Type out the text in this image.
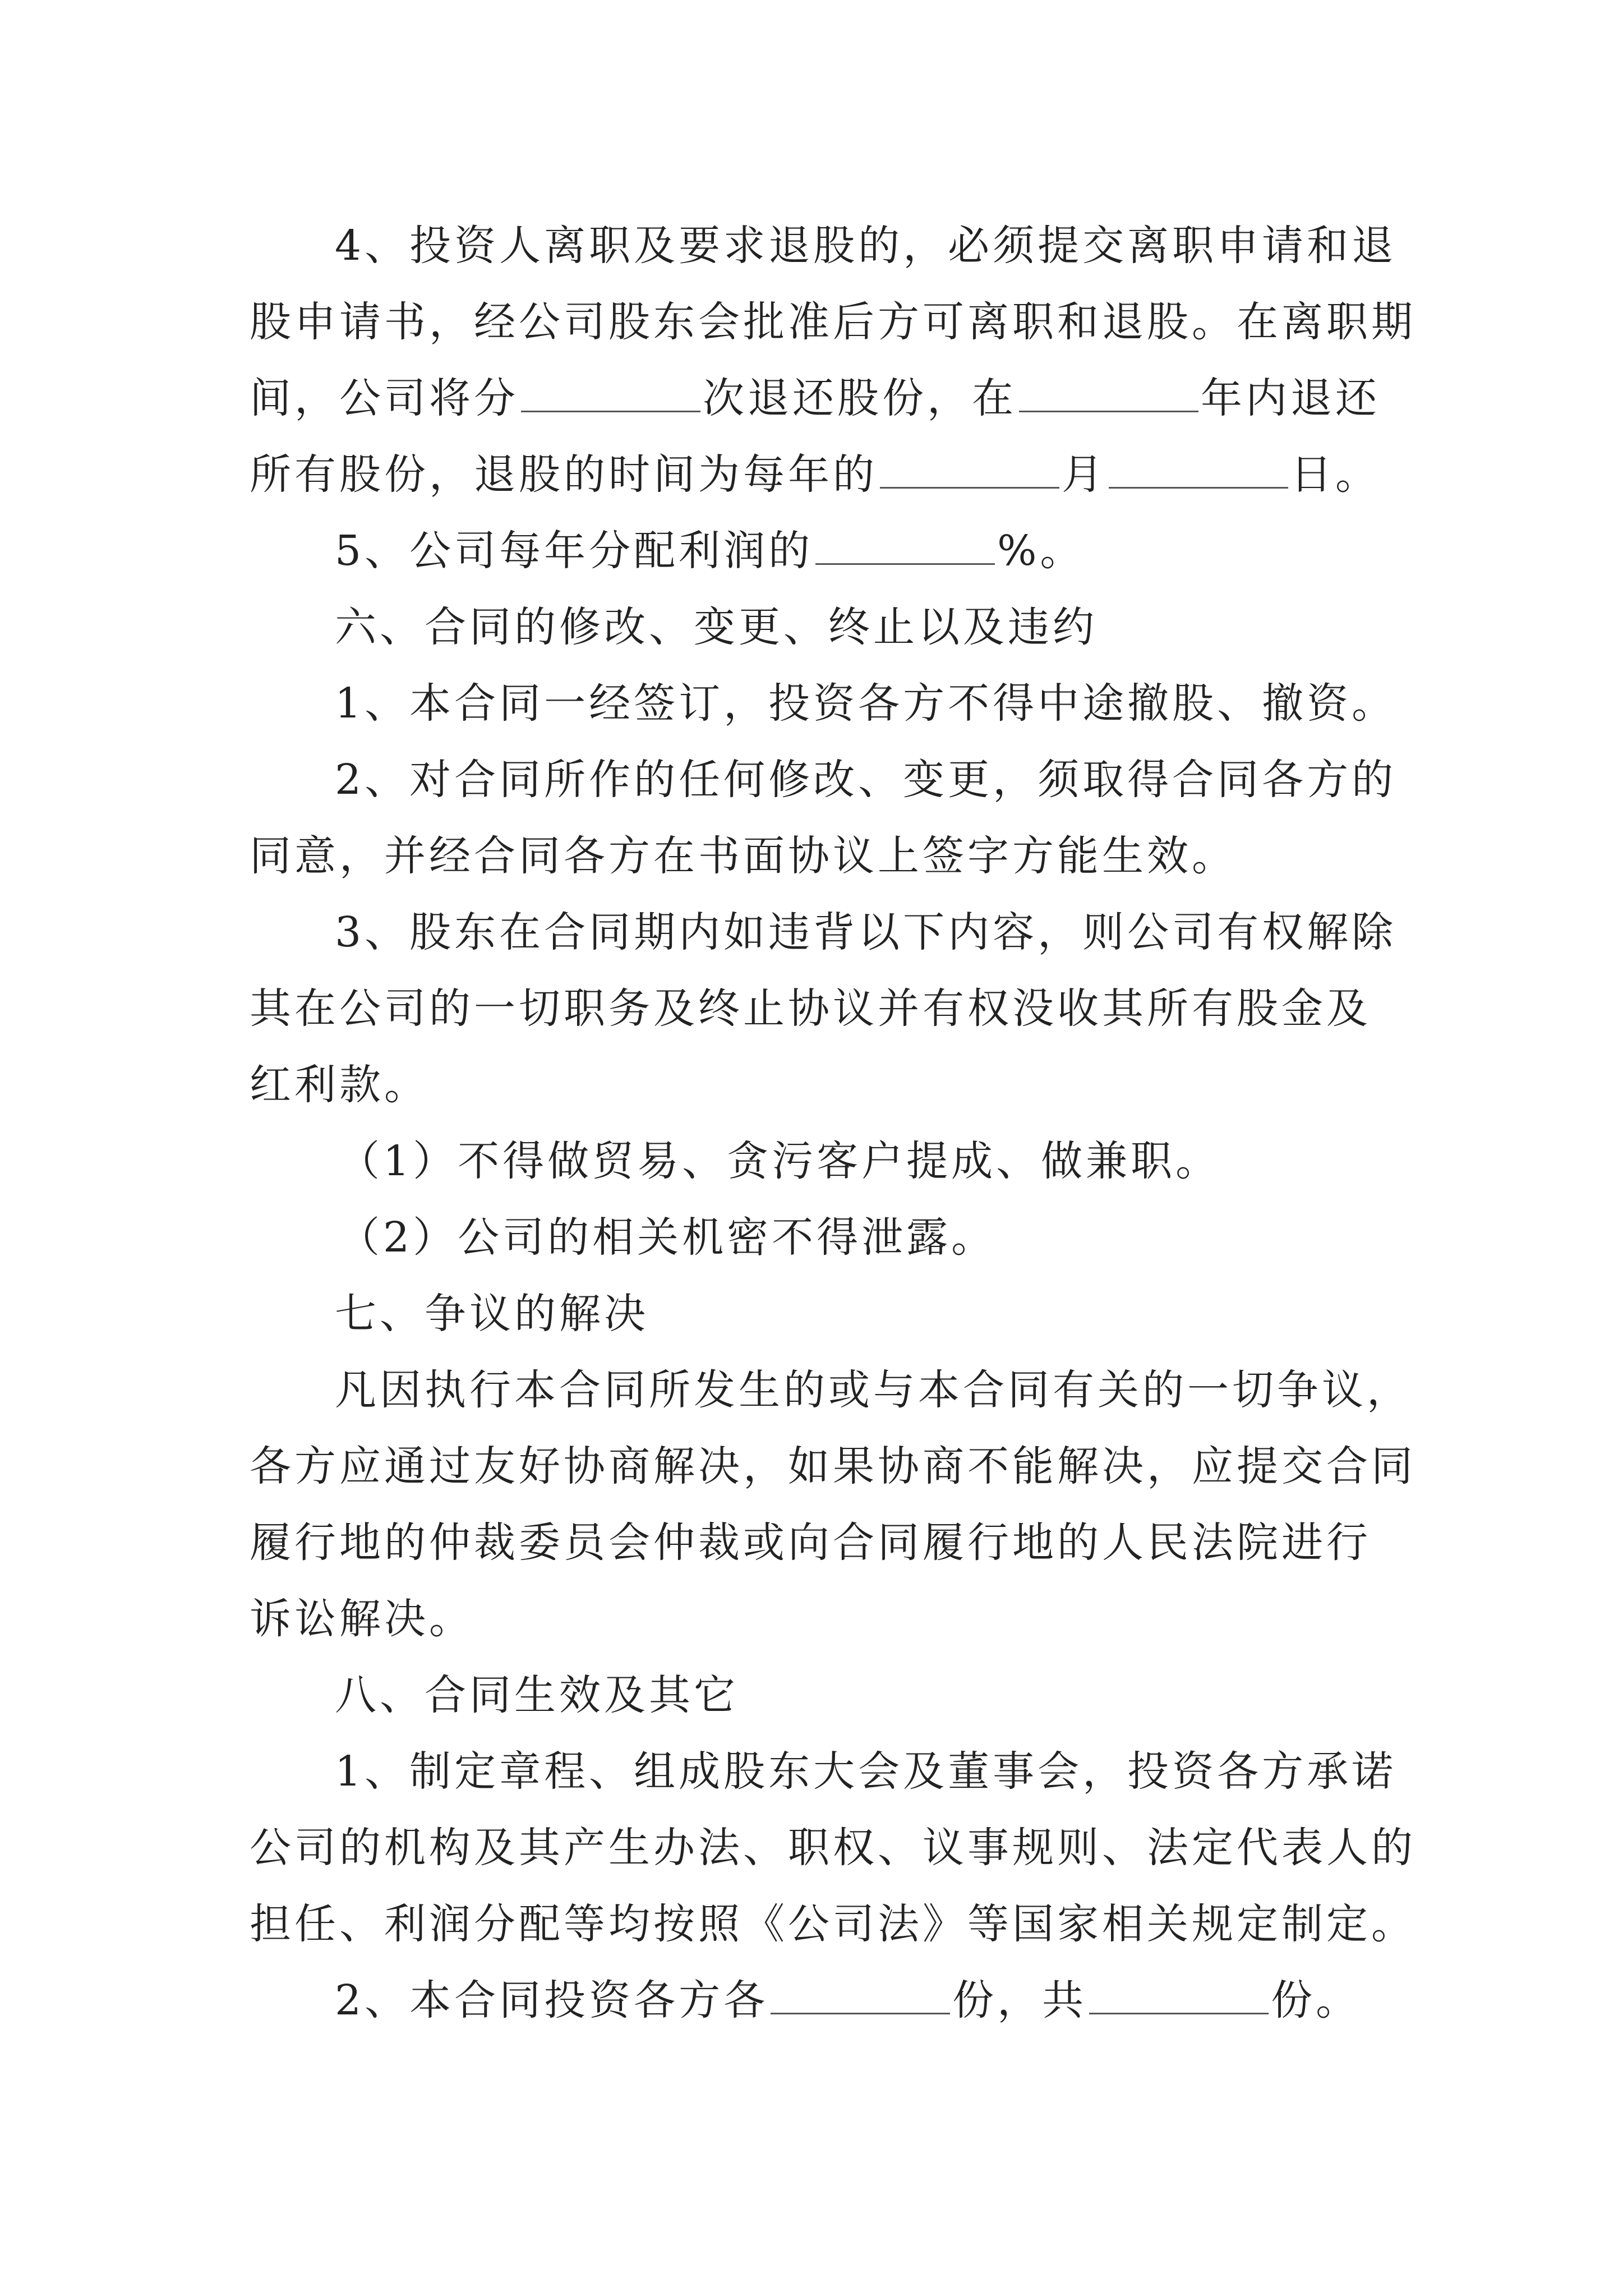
4、投资人离职及要求退股的，必须提交离职申请和退
股申请书，经公司股东会批准后方可离职和退股。在离职期
间，公司将分	次退还股份，在	年内退还
所有股份，退股的时间为每年的	月	日。
5、公司每年分配利润的	%。
六、合同的修改、变更、终止以及违约
1、本合同一经签订，投资各方不得中途撤股、撤资。
2、对合同所作的任何修改、变更，须取得合同各方的
同意，并经合同各方在书面协议上签字方能生效。
3、股东在合同期内如违背以下内容，则公司有权解除
其在公司的一切职务及终止协议并有权没收其所有股金及
红利款。
（1）不得做贸易、贪污客户提成、做兼职。
（2）公司的相关机密不得泄露。
七、争议的解决
凡因执行本合同所发生的或与本合同有关的一切争议，
各方应通过友好协商解决，如果协商不能解决，应提交合同
履行地的仲裁委员会仲裁或向合同履行地的人民法院进行
诉讼解决。
八、合同生效及其它
1、制定章程、组成股东大会及董事会，投资各方承诺
公司的机构及其产生办法、职权、议事规则、法定代表人的
担任、利润分配等均按照《公司法》等国家相关规定制定。
2、本合同投资各方各	份，共	份。
